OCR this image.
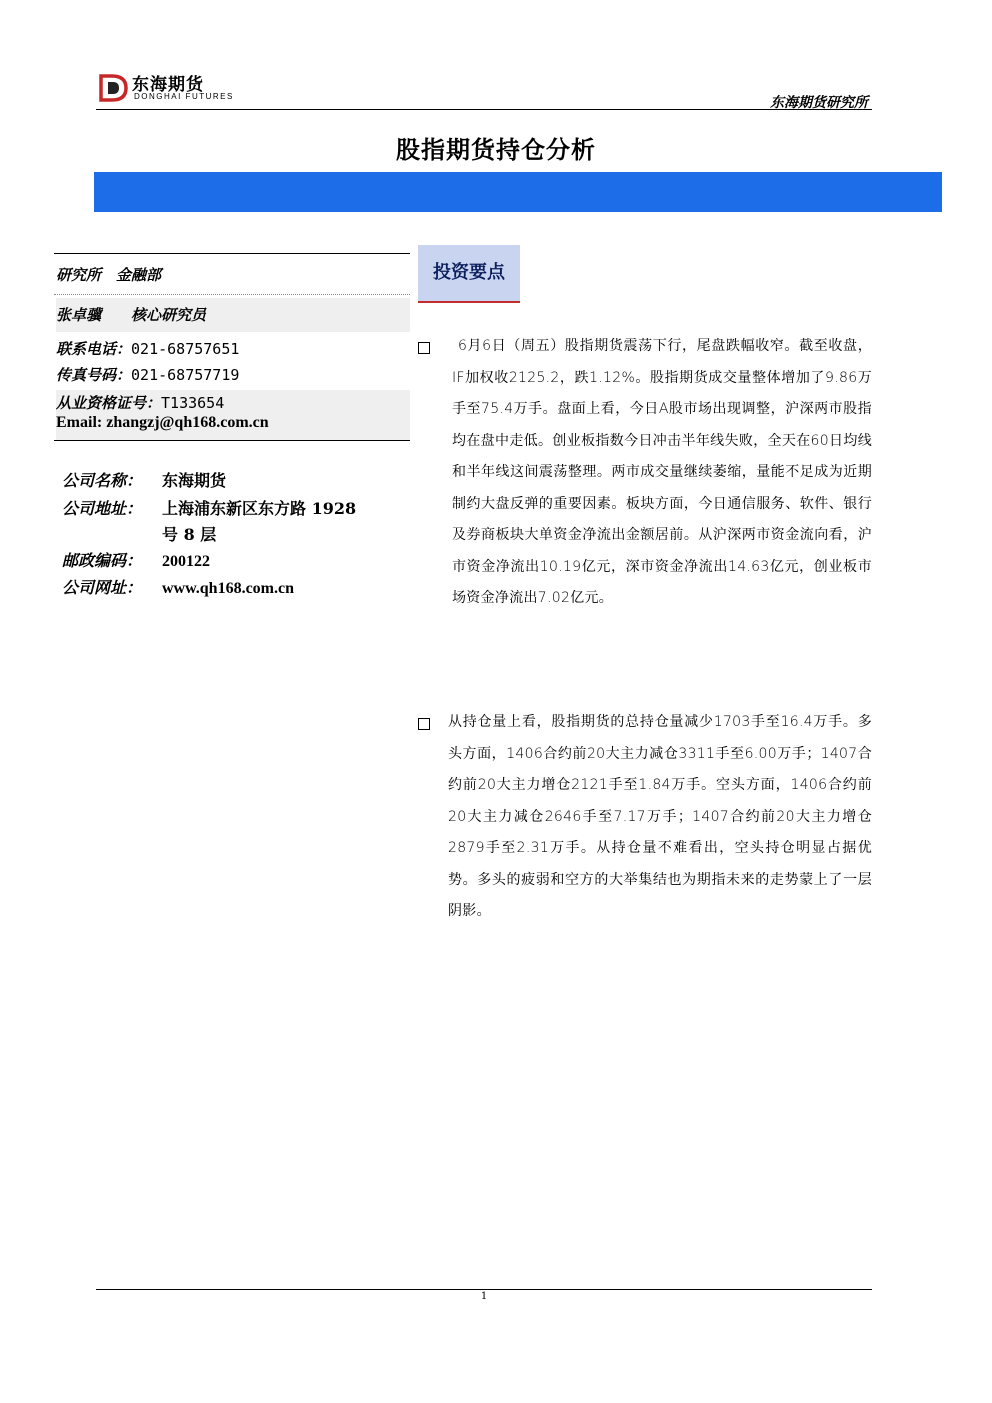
东海期货
DONGHAI FUTURES	东海期货研究所
股指期货持仓分析
研究所　金融部
张卓骥　　核心研究员
联系电话：021-68757651
传真号码：021-68757719
从业资格证号：T133654
Email: zhangzj@qh168.com.cn
公司名称： 东海期货
公司地址： 上海浦东新区东方路 1928
号 8 层
邮政编码： 200122
公司网址： www.qh168.com.cn
投资要点
6月6日（周五）股指期货震荡下行，尾盘跌幅收窄。截至收盘，IF加权收2125.2，跌1.12%。股指期货成交量整体增加了9.86万手至75.4万手。盘面上看，今日A股市场出现调整，沪深两市股指均在盘中走低。创业板指数今日冲击半年线失败，全天在60日均线和半年线这间震荡整理。两市成交量继续萎缩，量能不足成为近期制约大盘反弹的重要因素。板块方面，今日通信服务、软件、银行及券商板块大单资金净流出金额居前。从沪深两市资金流向看，沪市资金净流出10.19亿元，深市资金净流出14.63亿元，创业板市场资金净流出7.02亿元。
从持仓量上看，股指期货的总持仓量减少1703手至16.4万手。多头方面，1406合约前20大主力减仓3311手至6.00万手；1407合约前20大主力增仓2121手至1.84万手。空头方面，1406合约前20大主力减仓2646手至7.17万手；1407合约前20大主力增仓2879手至2.31万手。从持仓量不难看出，空头持仓明显占据优势。多头的疲弱和空方的大举集结也为期指未来的走势蒙上了一层阴影。
1
